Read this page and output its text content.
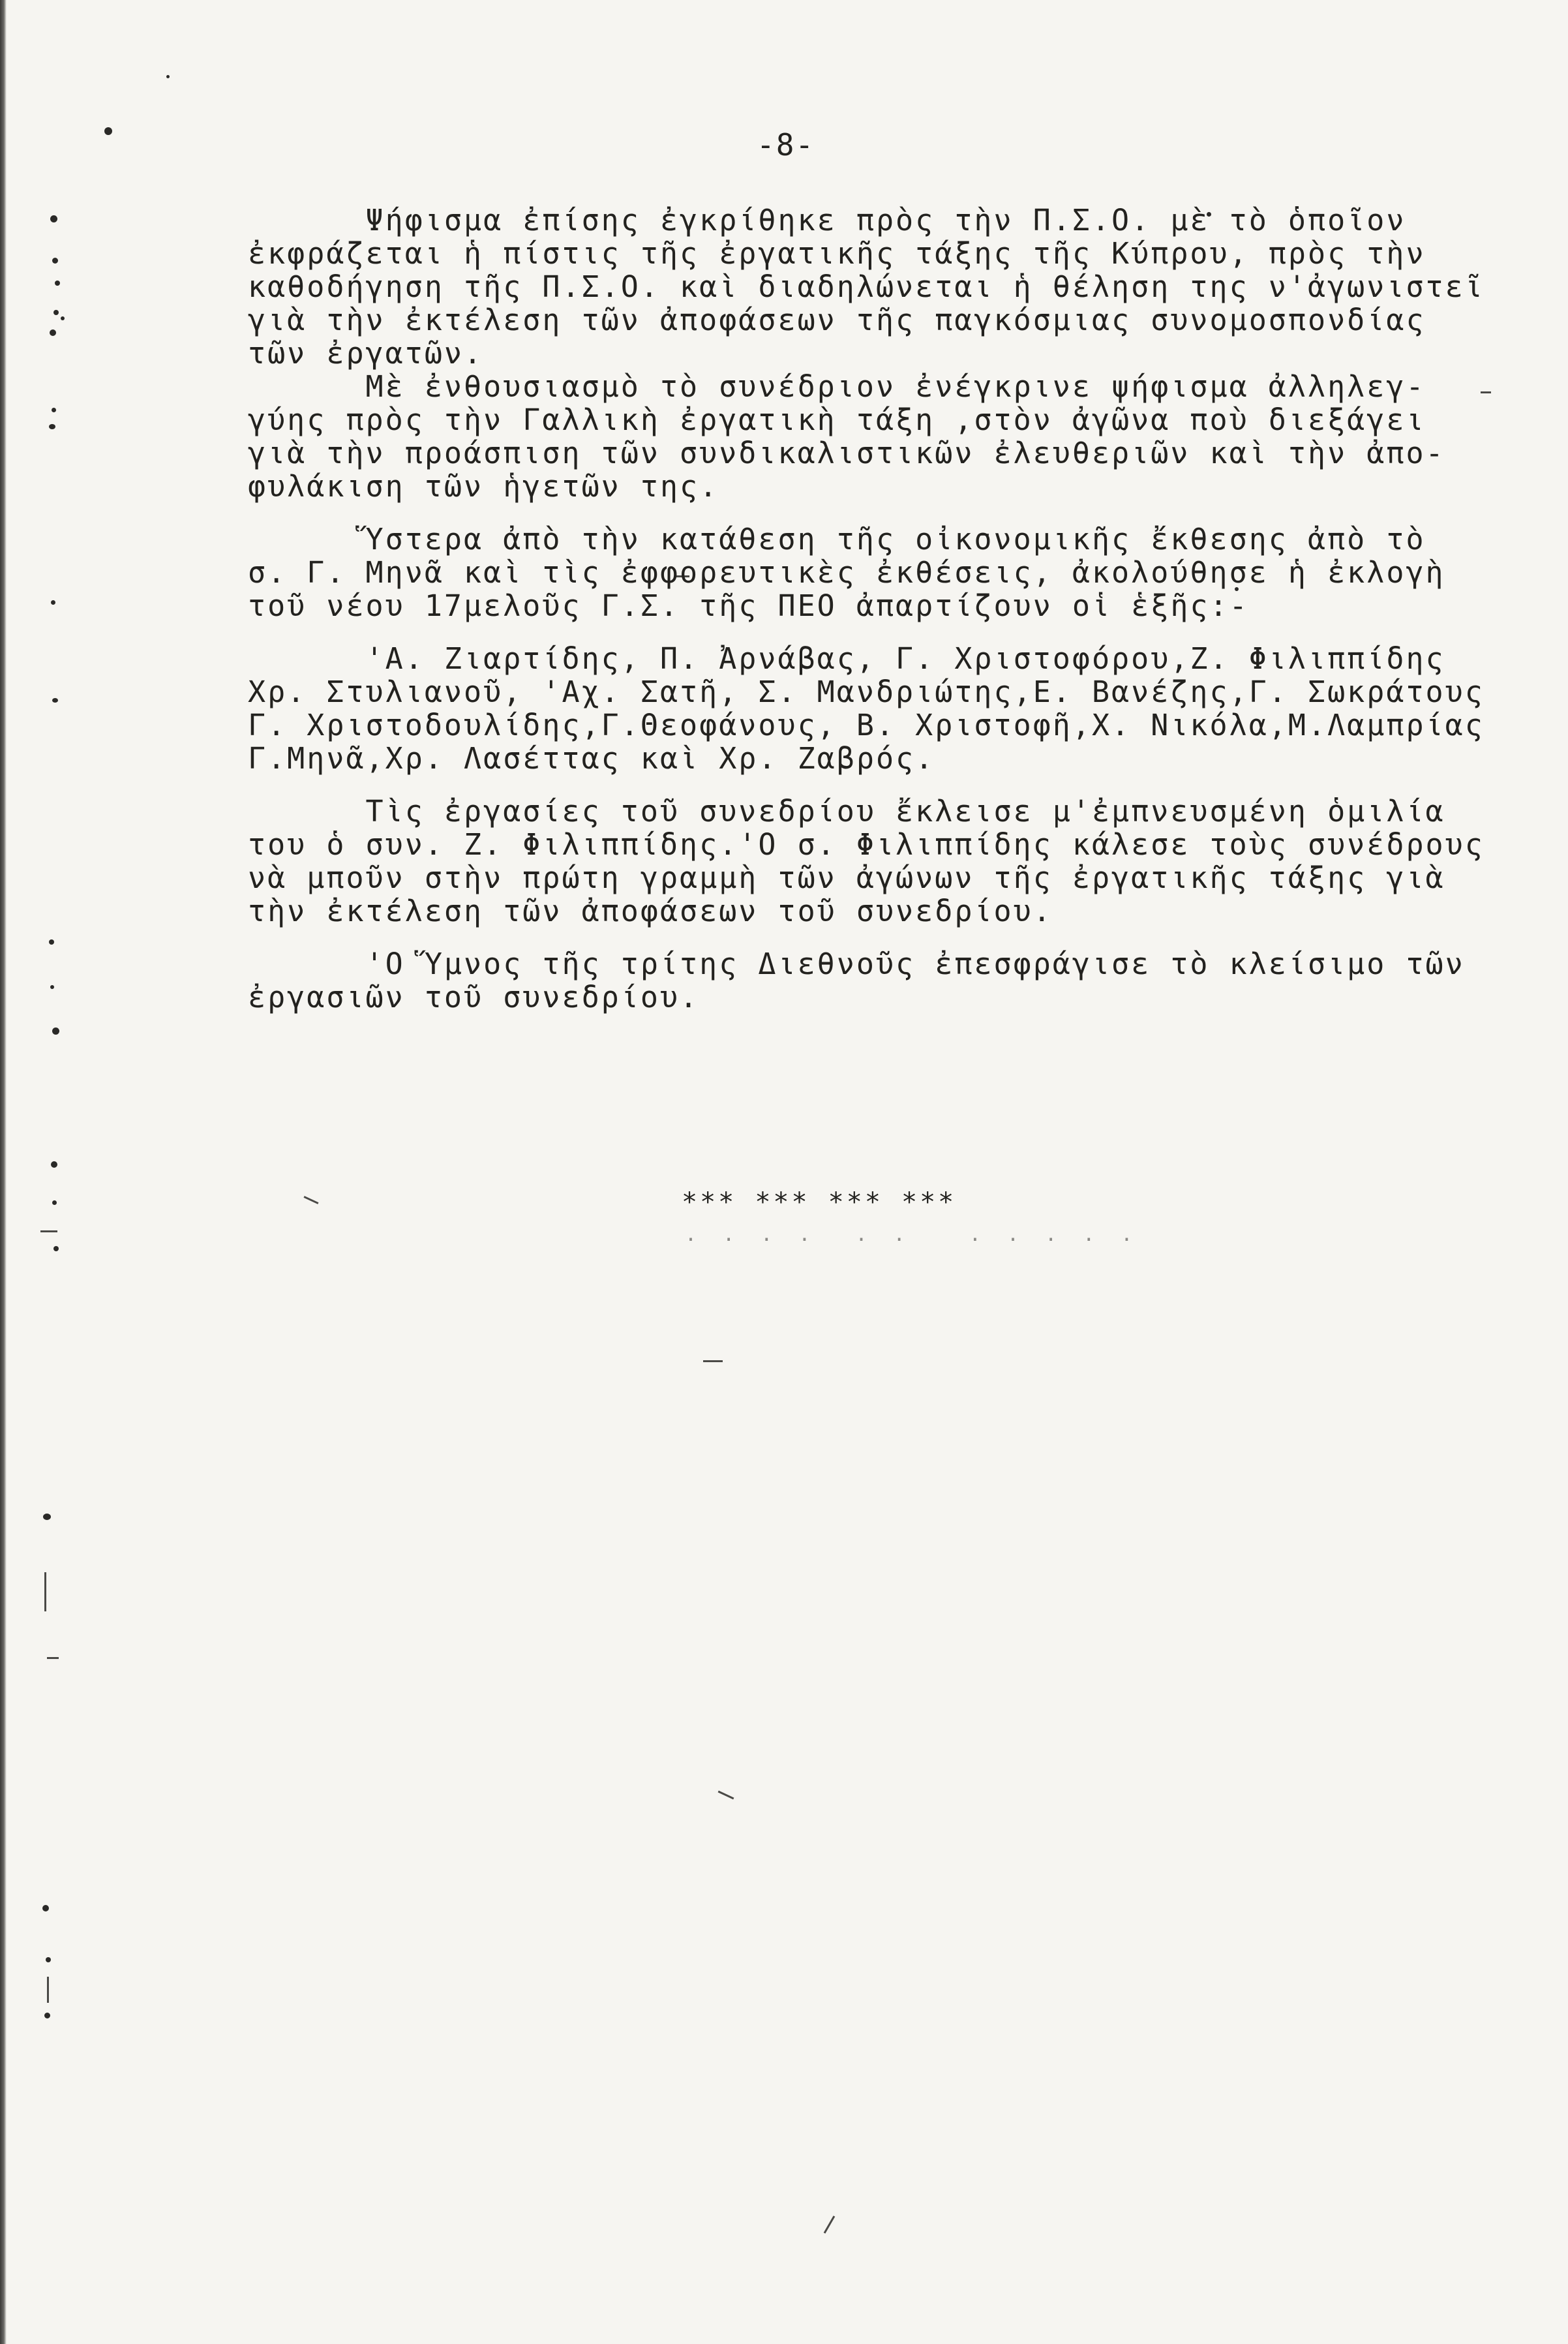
-8-
Ψήφισμα ἐπίσης ἐγκρίθηκε πρὸς τὴν Π.Σ.Ο. μὲ τὸ ὁποῖον
ἐκφράζεται ἡ πίστις τῆς ἐργατικῆς τάξης τῆς Κύπρου, πρὸς τὴν
καθοδήγηση τῆς Π.Σ.Ο. καὶ διαδηλώνεται ἡ θέληση της ν'ἀγωνιστεῖ
γιὰ τὴν ἐκτέλεση τῶν ἀποφάσεων τῆς παγκόσμιας συνομοσπονδίας
τῶν ἐργατῶν.
Μὲ ἐνθουσιασμὸ τὸ συνέδριον ἐνέγκρινε ψήφισμα ἀλληλεγ-
γύης πρὸς τὴν Γαλλικὴ ἐργατικὴ τάξη ,στὸν ἀγῶνα ποὺ διεξάγει
γιὰ τὴν προάσπιση τῶν συνδικαλιστικῶν ἐλευθεριῶν καὶ τὴν ἀπο-
φυλάκιση τῶν ἡγετῶν της.
Ὕστερα ἀπὸ τὴν κατάθεση τῆς οἰκονομικῆς ἔκθεσης ἀπὸ τὸ
σ. Γ. Μηνᾶ καὶ τὶς ἐφφορευτικὲς ἐκθέσεις, ἀκολούθησε ἡ ἐκλογὴ
τοῦ νέου 17μελοῦς Γ.Σ. τῆς ΠΕΟ ἀπαρτίζουν οἱ ἑξῆς:-
'Α. Ζιαρτίδης, Π. Ἀρνάβας, Γ. Χριστοφόρου,Ζ. Φιλιππίδης
Χρ. Στυλιανοῦ, 'Αχ. Σατῆ, Σ. Μανδριώτης,Ε. Βανέζης,Γ. Σωκράτους
Γ. Χριστοδουλίδης,Γ.Θεοφάνους, Β. Χριστοφῆ,Χ. Νικόλα,Μ.Λαμπρίας
Γ.Μηνᾶ,Χρ. Λασέττας καὶ Χρ. Ζαβρός.
Τὶς ἐργασίες τοῦ συνεδρίου ἔκλεισε μ'ἐμπνευσμένη ὁμιλία
του ὁ συν. Ζ. Φιλιππίδης.'Ο σ. Φιλιππίδης κάλεσε τοὺς συνέδρους
νὰ μποῦν στὴν πρώτη γραμμὴ τῶν ἀγώνων τῆς ἐργατικῆς τάξης γιὰ
τὴν ἐκτέλεση τῶν ἀποφάσεων τοῦ συνεδρίου.
'Ο Ὕμνος τῆς τρίτης Διεθνοῦς ἐπεσφράγισε τὸ κλείσιμο τῶν
ἐργασιῶν τοῦ συνεδρίου.
*** *** *** ***
. . . .  . .   . . . . .
